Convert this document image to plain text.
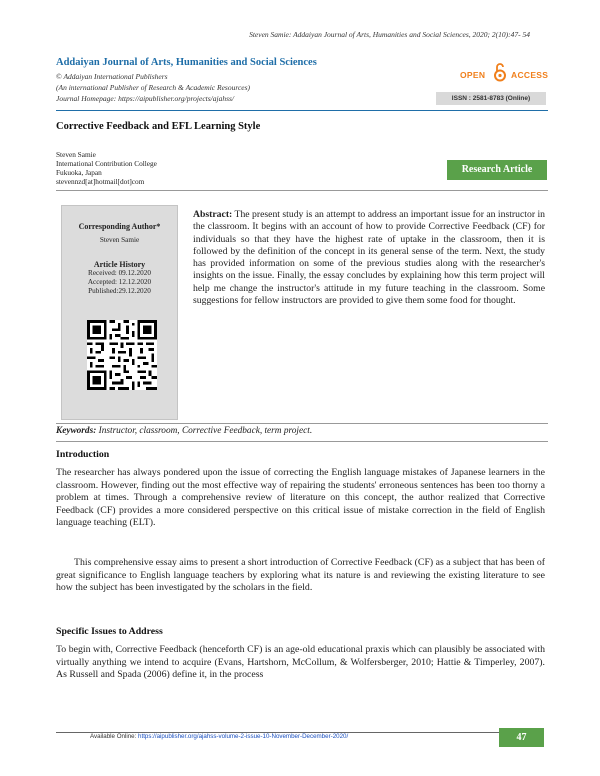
Steven Samie: Addaiyan Journal of Arts, Humanities and Social Sciences, 2020; 2(10):47- 54
Addaiyan Journal of Arts, Humanities and Social Sciences
© Addaiyan International Publishers
(An international Publisher of Research & Academic Resources)
Journal Homepage: https://aipublisher.org/projects/ajahss/
OPEN	ACCESS
ISSN : 2581-8783 (Online)
Corrective Feedback and EFL Learning Style
Steven Samie
International Contribution College
Fukuoka, Japan
stevennzd[at]hotmail[dot]com
Research Article
Corresponding Author*
Steven Samie
Article History
Received: 09.12.2020
Accepted: 12.12.2020
Published:29.12.2020
Abstract: The present study is an attempt to address an important issue for an instructor in the classroom. It begins with an account of how to provide Corrective Feedback (CF) for individuals so that they have the highest rate of uptake in the classroom, then it is followed by the definition of the concept in its general sense of the term. Next, the study has provided information on some of the previous studies along with the researcher's insights on the issue. Finally, the essay concludes by explaining how this term project will help me change the instructor's attitude in my future teaching in the classroom. Some suggestions for fellow instructors are provided to give them some food for thought.
Keywords: Instructor, classroom, Corrective Feedback, term project.
Introduction
The researcher has always pondered upon the issue of correcting the English language mistakes of Japanese learners in the classroom. However, finding out the most effective way of repairing the students' erroneous sentences has been too thorny a problem at times. Through a comprehensive review of literature on this concept, the author realized that Corrective Feedback (CF) provides a more considered perspective on this critical issue of mistake correction in the field of English language teaching (ELT).
This comprehensive essay aims to present a short introduction of Corrective Feedback (CF) as a subject that has been of great significance to English language teachers by exploring what its nature is and reviewing the existing literature to see how the subject has been investigated by the scholars in the field.
Specific Issues to Address
To begin with, Corrective Feedback (henceforth CF) is an age-old educational praxis which can plausibly be associated with virtually anything we intend to acquire (Evans, Hartshorn, McCollum, & Wolfersberger, 2010; Hattie & Timperley, 2007). As Russell and Spada (2006) define it, in the process
Available Online: https://aipublisher.org/ajahss-volume-2-issue-10-November-December-2020/	47
